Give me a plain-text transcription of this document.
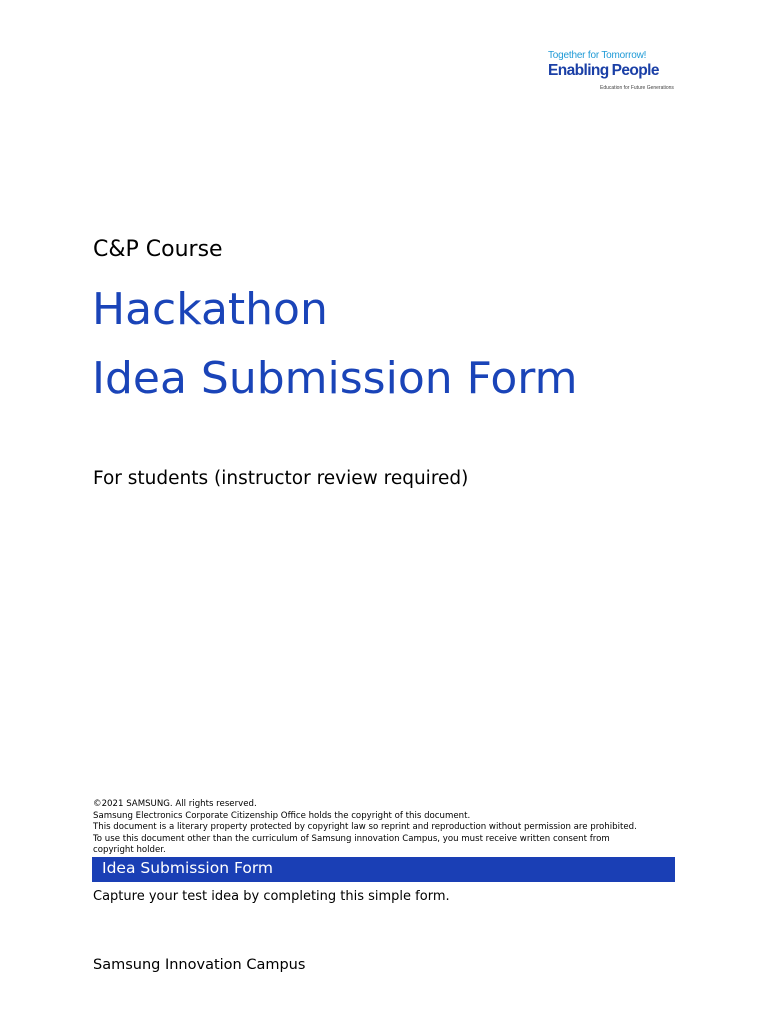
Together for Tomorrow!
Enabling People
Education for Future Generations
C&P Course
Hackathon
Idea Submission Form
For students (instructor review required)
©2021 SAMSUNG. All rights reserved.
Samsung Electronics Corporate Citizenship Office holds the copyright of this document.
This document is a literary property protected by copyright law so reprint and reproduction without permission are prohibited.
To use this document other than the curriculum of Samsung innovation Campus, you must receive written consent from
copyright holder.
Idea Submission Form
Capture your test idea by completing this simple form.
Samsung Innovation Campus
